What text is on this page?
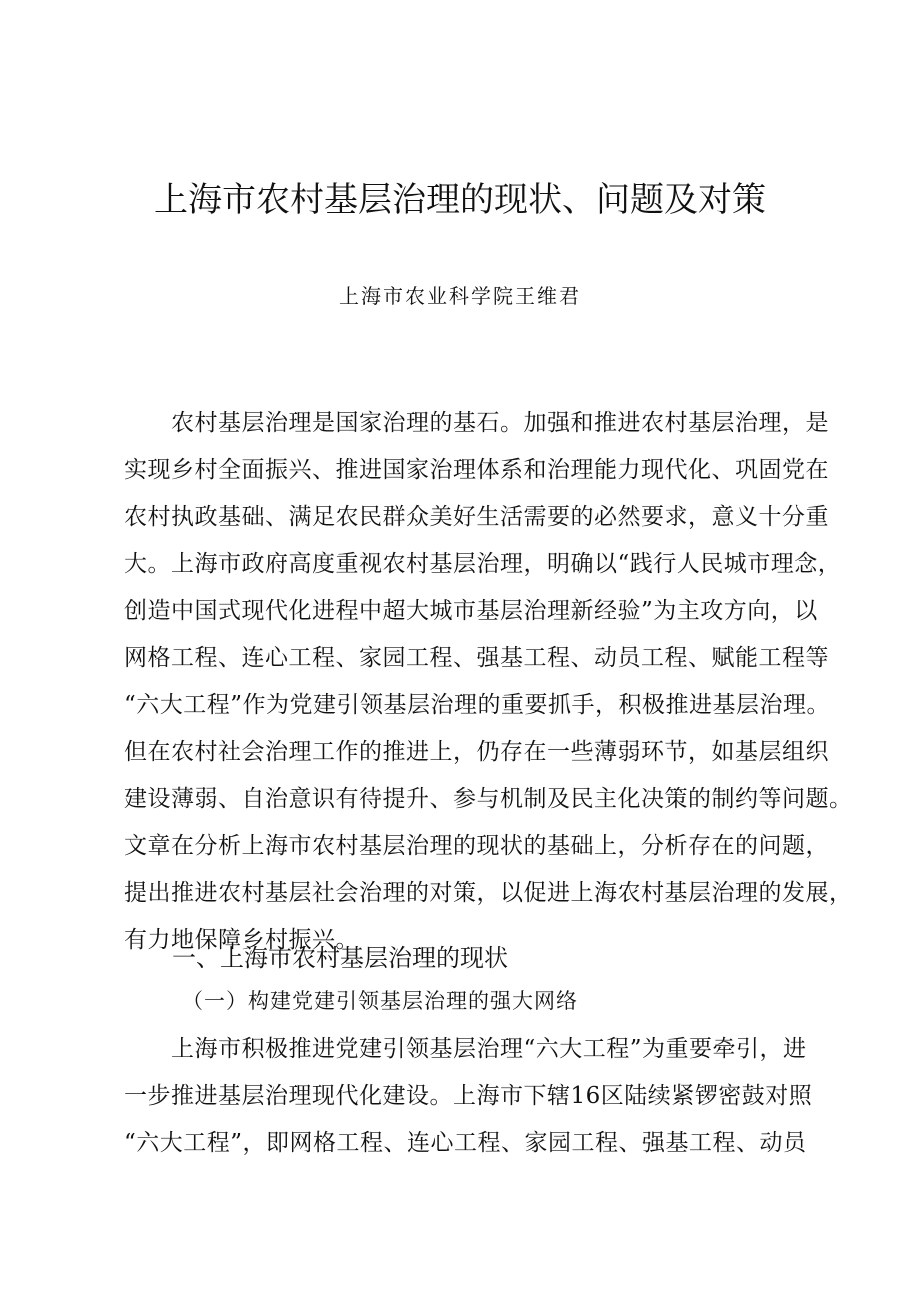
上海市农村基层治理的现状、问题及对策
上海市农业科学院王维君
　　农村基层治理是国家治理的基石。加强和推进农村基层治理，是
实现乡村全面振兴、推进国家治理体系和治理能力现代化、巩固党在
农村执政基础、满足农民群众美好生活需要的必然要求，意义十分重
大。上海市政府高度重视农村基层治理，明确以“践行人民城市理念，
创造中国式现代化进程中超大城市基层治理新经验”为主攻方向，以
网格工程、连心工程、家园工程、强基工程、动员工程、赋能工程等
“六大工程”作为党建引领基层治理的重要抓手，积极推进基层治理。
但在农村社会治理工作的推进上，仍存在一些薄弱环节，如基层组织
建设薄弱、自治意识有待提升、参与机制及民主化决策的制约等问题。
文章在分析上海市农村基层治理的现状的基础上，分析存在的问题，
提出推进农村基层社会治理的对策，以促进上海农村基层治理的发展，
有力地保障乡村振兴。
一、上海市农村基层治理的现状
（一）构建党建引领基层治理的强大网络
　　上海市积极推进党建引领基层治理“六大工程”为重要牵引，进
一步推进基层治理现代化建设。上海市下辖16区陆续紧锣密鼓对照
“六大工程”，即网格工程、连心工程、家园工程、强基工程、动员
